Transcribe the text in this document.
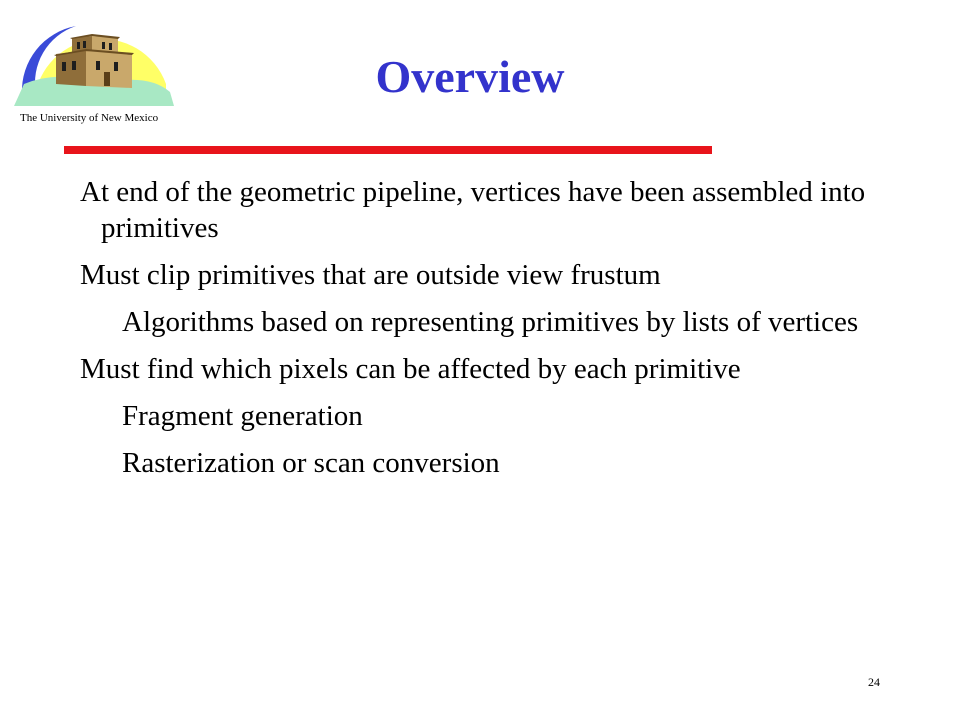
The University of New Mexico
Overview
At end of the geometric pipeline, vertices have been assembled into primitives
Must clip primitives that are outside view frustum
Algorithms based on representing primitives by lists of vertices
Must find which pixels can be affected by each primitive
Fragment generation
Rasterization or scan conversion
24
